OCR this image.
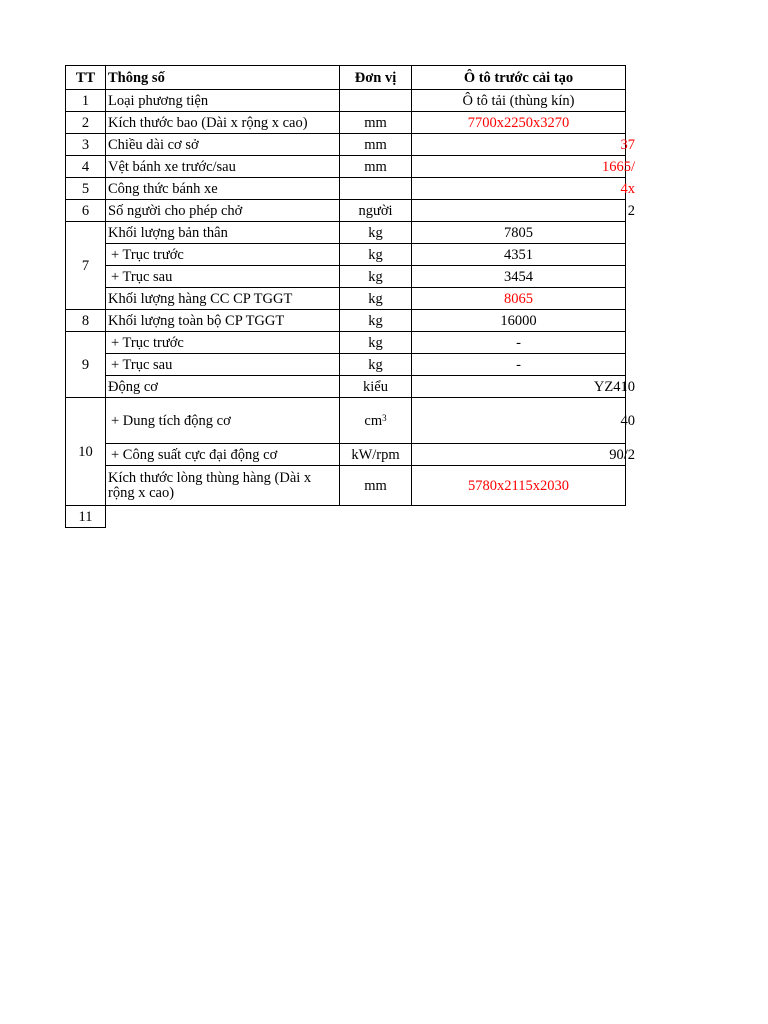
TT	Thông số	Đơn vị	Ô tô trước cải tạo
1	Loại phương tiện		Ô tô tải (thùng kín)
2	Kích thước bao (Dài x rộng x cao)	mm	7700x2250x3270
3	Chiều dài cơ sở	mm	37

4	Vệt bánh xe trước/sau	mm	1665/

5	Công thức bánh xe		4x

6	Số người cho phép chở	người	2

7	Khối lượng bản thân	kg	7805
	+ Trục trước	kg	4351
	+ Trục sau	kg	3454
	Khối lượng hàng CC CP TGGT	kg	8065
8	Khối lượng toàn bộ CP TGGT	kg	16000
9	+ Trục trước	kg	-
	+ Trục sau	kg	-
	Động cơ	kiểu	YZ410

10	+ Dung tích động cơ	$cm^3$	40

	+ Công suất cực đại động cơ	kW/rpm	90/2

	Kích thước lòng thùng hàng (Dài x rộng x cao)	mm	5780x2115x2030
11			
